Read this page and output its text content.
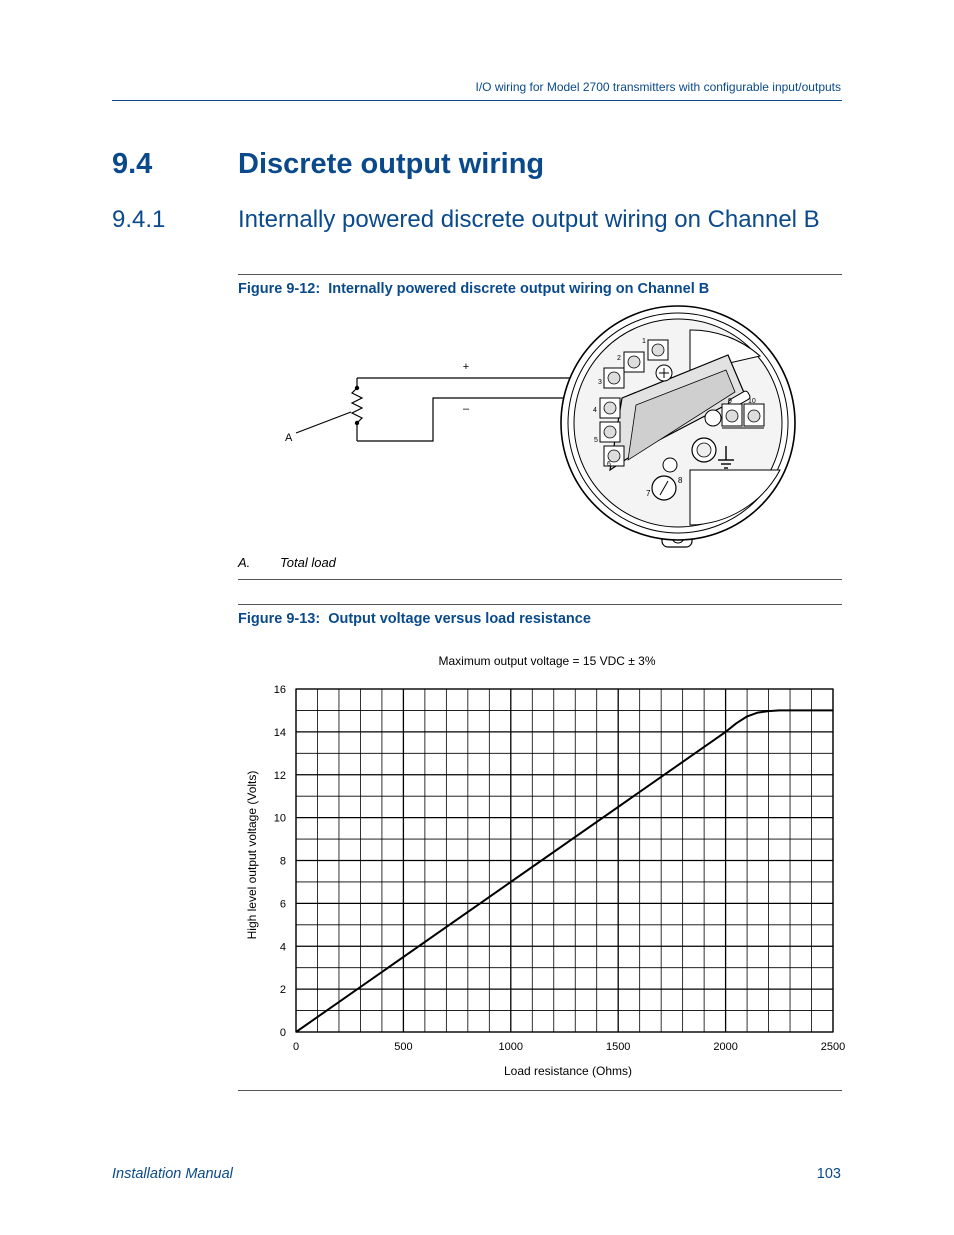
I/O wiring for Model 2700 transmitters with configurable input/outputs
9.4	Discrete output wiring
9.4.1	Internally powered discrete output wiring on Channel B
Figure 9-12: Internally powered discrete output wiring on Channel B
+
–
A
1
2
3
4
5
6
9 10
7
8
A. Total load
Figure 9-13: Output voltage versus load resistance
Maximum output voltage = 15 VDC ± 3%
0	500	1000	1500	2000	2500
0
2
4
6
8
10
12
14
16
Load resistance (Ohms)
High level output voltage (Volts)
Installation Manual	103
